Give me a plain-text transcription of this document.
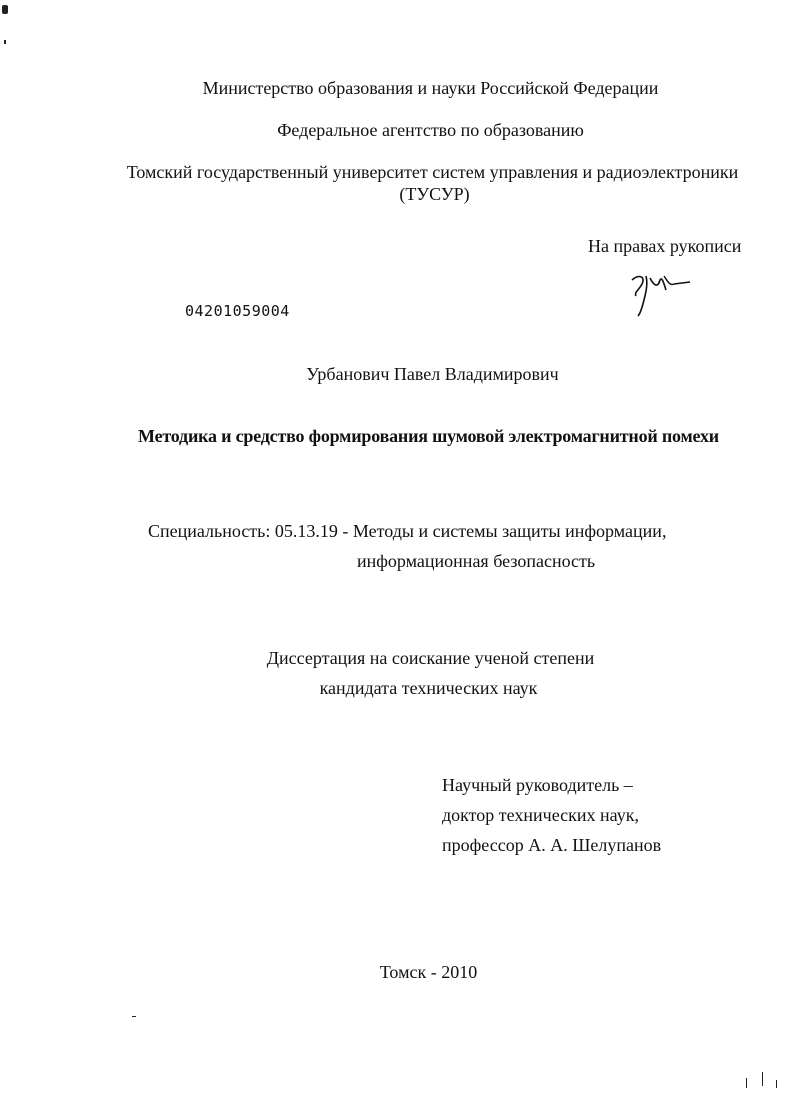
Министерство образования и науки Российской Федерации
Федеральное агентство по образованию
Томский государственный университет систем управления и радиоэлектроники
(ТУСУР)
На правах рукописи
04201059004
Урбанович Павел Владимирович
Методика и средство формирования шумовой электромагнитной помехи
Специальность: 05.13.19 - Методы и системы защиты информации,
информационная безопасность
Диссертация на соискание ученой степени
кандидата технических наук
Научный руководитель –
доктор технических наук,
профессор А. А. Шелупанов
Томск - 2010
